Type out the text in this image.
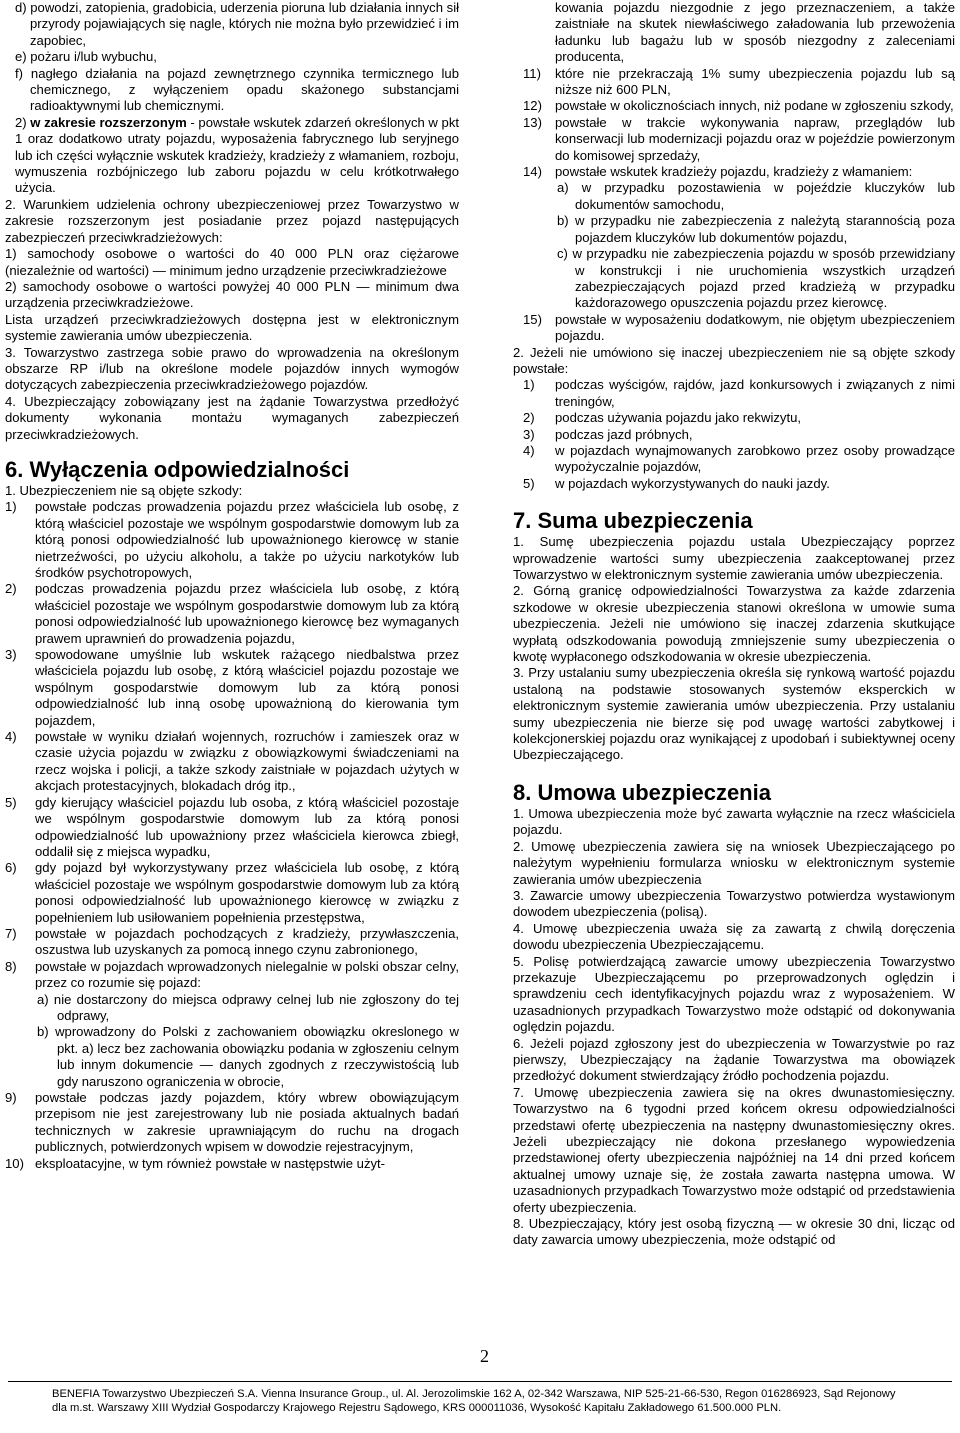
d) powodzi, zatopienia, gradobicia, uderzenia pioruna lub działania innych sił przyrody pojawiających się nagle, których nie można było przewidzieć i im zapobiec,

e) pożaru i/lub wybuchu,

f) nagłego działania na pojazd zewnętrznego czynnika termicznego lub chemicznego, z wyłączeniem opadu skażonego substancjami radioaktywnymi lub chemicznymi.

2) w zakresie rozszerzonym - powstałe wskutek zdarzeń określonych w pkt 1 oraz dodatkowo utraty pojazdu, wyposażenia fabrycznego lub seryjnego lub ich części wyłącznie wskutek kradzieży, kradzieży z włamaniem, rozboju, wymuszenia rozbójniczego lub zaboru pojazdu w celu krótkotrwałego użycia.

2. Warunkiem udzielenia ochrony ubezpieczeniowej przez Towarzystwo w zakresie rozszerzonym jest posiadanie przez pojazd następujących zabezpieczeń przeciwkradzieżowych:

1) samochody osobowe o wartości do 40 000 PLN oraz ciężarowe (niezależnie od wartości) — minimum jedno urządzenie przeciwkradzieżowe

2) samochody osobowe o wartości powyżej 40 000 PLN — minimum dwa urządzenia przeciwkradzieżowe.

Lista urządzeń przeciwkradzieżowych dostępna jest w elektronicznym systemie zawierania umów ubezpieczenia.

3. Towarzystwo zastrzega sobie prawo do wprowadzenia na określonym obszarze RP i/lub na określone modele pojazdów innych wymogów dotyczących zabezpieczenia przeciwkradzieżowego pojazdów.

4. Ubezpieczający zobowiązany jest na żądanie Towarzystwa przedłożyć dokumenty wykonania montażu wymaganych zabezpieczeń przeciwkradzieżowych.

6. Wyłączenia odpowiedzialności

1. Ubezpieczeniem nie są objęte szkody:

1)	powstałe podczas prowadzenia pojazdu przez właściciela lub osobę, z którą właściciel pozostaje we wspólnym gospodarstwie domowym lub za którą ponosi odpowiedzialność lub upoważnionego kierowcę w stanie nietrzeźwości, po użyciu alkoholu, a także po użyciu narkotyków lub środków psychotropowych,
2)	podczas prowadzenia pojazdu przez właściciela lub osobę, z którą właściciel pozostaje we wspólnym gospodarstwie domowym lub za którą ponosi odpowiedzialność lub upoważnionego kierowcę bez wymaganych prawem uprawnień do prowadzenia pojazdu,
3)	spowodowane umyślnie lub wskutek rażącego niedbalstwa przez właściciela pojazdu lub osobę, z którą właściciel pojazdu pozostaje we wspólnym gospodarstwie domowym lub za którą ponosi odpowiedzialność lub inną osobę upoważnioną do kierowania tym pojazdem,
4)	powstałe w wyniku działań wojennych, rozruchów i zamieszek oraz w czasie użycia pojazdu w związku z obowiązkowymi świadczeniami na rzecz wojska i policji, a także szkody zaistniałe w pojazdach użytych w akcjach protestacyjnych, blokadach dróg itp.,
5)	gdy kierujący właściciel pojazdu lub osoba, z którą właściciel pozostaje we wspólnym gospodarstwie domowym lub za którą ponosi odpowiedzialność lub upoważniony przez właściciela kierowca zbiegł, oddalił się z miejsca wypadku,
6)	gdy pojazd był wykorzystywany przez właściciela lub osobę, z którą właściciel pozostaje we wspólnym gospodarstwie domowym lub za którą ponosi odpowiedzialność lub upoważnionego kierowcę w związku z popełnieniem lub usiłowaniem popełnienia przestępstwa,
7)	powstałe w pojazdach pochodzących z kradzieży, przywłaszczenia, oszustwa lub uzyskanych za pomocą innego czynu zabronionego,
8)	powstałe w pojazdach wprowadzonych nielegalnie w polski obszar celny, przez co rozumie się pojazd:
a) nie dostarczony do miejsca odprawy celnej lub nie zgłoszony do tej odprawy,
b) wprowadzony do Polski z zachowaniem obowiązku okreslonego w pkt. a) lecz bez zachowania obowiązku podania w zgłoszeniu celnym lub innym dokumencie — danych zgodnych z rzeczywistością lub gdy naruszono ograniczenia w obrocie,
9)	powstałe podczas jazdy pojazdem, który wbrew obowiązującym przepisom nie jest zarejestrowany lub nie posiada aktualnych badań technicznych w zakresie uprawniającym do ruchu na drogach publicznych, potwierdzonych wpisem w dowodzie rejestracyjnym,
10) eksploatacyjne, w tym również powstałe w następstwie użyt-

kowania pojazdu niezgodnie z jego przeznaczeniem, a także zaistniałe na skutek niewłaściwego załadowania lub przewożenia ładunku lub bagażu lub w sposób niezgodny z zaleceniami producenta,

11)	które nie przekraczają 1% sumy ubezpieczenia pojazdu lub są niższe niż 600 PLN,
12) powstałe w okolicznościach innych, niż podane w zgłoszeniu szkody,
13) powstałe w trakcie wykonywania napraw, przeglądów lub konserwacji lub modernizacji pojazdu oraz w pojeździe powierzonym do komisowej sprzedaży,
14) powstałe wskutek kradzieży pojazdu, kradzieży z włamaniem:

a) w przypadku pozostawienia w pojeździe kluczyków lub dokumentów samochodu,

b) w przypadku nie zabezpieczenia z należytą starannością poza pojazdem kluczyków lub dokumentów pojazdu,

c) w przypadku nie zabezpieczenia pojazdu w sposób przewidziany w konstrukcji i nie uruchomienia wszystkich urządzeń zabezpieczających pojazd przed kradzieżą w przypadku każdorazowego opuszczenia pojazdu przez kierowcę.

15) powstałe w wyposażeniu dodatkowym, nie objętym ubezpieczeniem pojazdu.

2. Jeżeli nie umówiono się inaczej ubezpieczeniem nie są objęte szkody powstałe:

1)	podczas wyścigów, rajdów, jazd konkursowych i związanych z nimi treningów,
2)	podczas używania pojazdu jako rekwizytu,
3)	podczas jazd próbnych,
4)	w pojazdach wynajmowanych zarobkowo przez osoby prowadzące wypożyczalnie pojazdów,
5)	w pojazdach wykorzystywanych do nauki jazdy.
7. Suma ubezpieczenia

1. Sumę ubezpieczenia pojazdu ustala Ubezpieczający poprzez wprowadzenie wartości sumy ubezpieczenia zaakceptowanej przez Towarzystwo w elektronicznym systemie zawierania umów ubezpieczenia.

2. Górną granicę odpowiedzialności Towarzystwa za każde zdarzenia szkodowe w okresie ubezpieczenia stanowi określona w umowie suma ubezpieczenia. Jeżeli nie umówiono się inaczej zdarzenia skutkujące wypłatą odszkodowania powodują zmniejszenie sumy ubezpieczenia o kwotę wypłaconego odszkodowania w okresie ubezpieczenia.

3. Przy ustalaniu sumy ubezpieczenia określa się rynkową wartość pojazdu ustaloną na podstawie stosowanych systemów eksperckich w elektronicznym systemie zawierania umów ubezpieczenia. Przy ustalaniu sumy ubezpieczenia nie bierze się pod uwagę wartości zabytkowej i kolekcjonerskiej pojazdu oraz wynikającej z upodobań i subiektywnej oceny Ubezpieczającego.

8. Umowa ubezpieczenia

1. Umowa ubezpieczenia może być zawarta wyłącznie na rzecz właściciela pojazdu.

2. Umowę ubezpieczenia zawiera się na wniosek Ubezpieczającego po należytym wypełnieniu formularza wniosku w elektronicznym systemie zawierania umów ubezpieczenia

3. Zawarcie umowy ubezpieczenia Towarzystwo potwierdza wystawionym dowodem ubezpieczenia (polisą).

4. Umowę ubezpieczenia uważa się za zawartą z chwilą doręczenia dowodu ubezpieczenia Ubezpieczającemu.

5. Polisę potwierdzającą zawarcie umowy ubezpieczenia Towarzystwo przekazuje Ubezpieczającemu po przeprowadzonych oględzin i sprawdzeniu cech identyfikacyjnych pojazdu wraz z wyposażeniem. W uzasadnionych przypadkach Towarzystwo może odstąpić od dokonywania oględzin pojazdu.

6. Jeżeli pojazd zgłoszony jest do ubezpieczenia w Towarzystwie po raz pierwszy, Ubezpieczający na żądanie Towarzystwa ma obowiązek przedłożyć dokument stwierdzający źródło pochodzenia pojazdu.

7. Umowę ubezpieczenia zawiera się na okres dwunastomiesięczny. Towarzystwo na 6 tygodni przed końcem okresu odpowiedzialności przedstawi ofertę ubezpieczenia na następny dwunastomiesięczny okres. Jeżeli ubezpieczający nie dokona przesłanego wypowiedzenia przedstawionej oferty ubezpieczenia najpóźniej na 14 dni przed końcem aktualnej umowy uznaje się, że została zawarta następna umowa. W uzasadnionych przypadkach Towarzystwo może odstąpić od przedstawienia oferty ubezpieczenia.

8. Ubezpieczający, który jest osobą fizyczną — w okresie 30 dni, licząc od daty zawarcia umowy ubezpieczenia, może odstąpić od

2
BENEFIA Towarzystwo Ubezpieczeń S.A. Vienna Insurance Group., ul. Al. Jerozolimskie 162 A, 02-342 Warszawa, NIP 525-21-66-530, Regon 016286923, Sąd Rejonowy dla m.st. Warszawy XIII Wydział Gospodarczy Krajowego Rejestru Sądowego, KRS 000011036, Wysokość Kapitału Zakładowego 61.500.000 PLN.
